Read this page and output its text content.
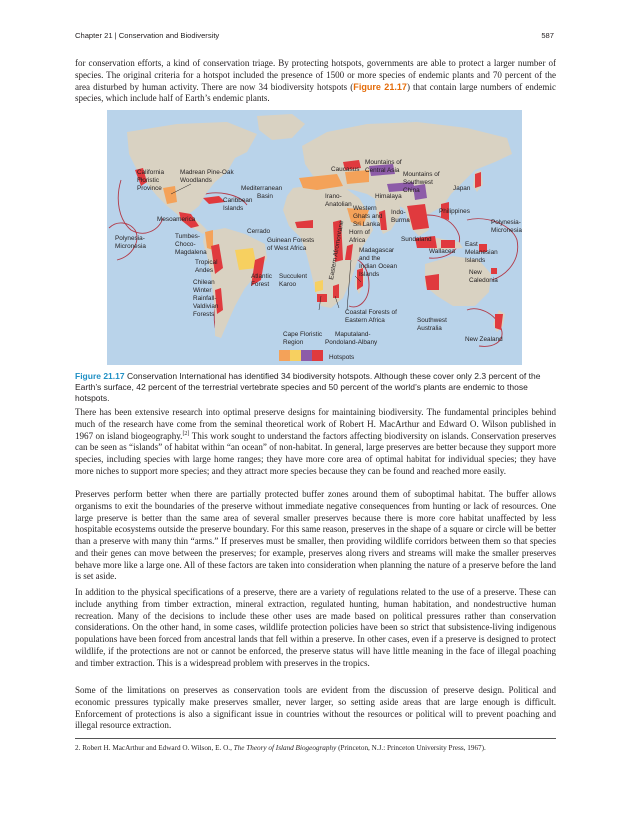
Chapter 21 | Conservation and Biodiversity	587

for conservation efforts, a kind of conservation triage. By protecting hotspots, governments are able to protect a larger number of species. The original criteria for a hotspot included the presence of 1500 or more species of endemic plants and 70 percent of the area disturbed by human activity. There are now 34 biodiversity hotspots (Figure 21.17) that contain large numbers of endemic species, which include half of Earth’s endemic plants.

California Floristic Province
Madrean Pine-Oak Woodlands
Caribbean Islands
Mesoamerica
Polynesia-Micronesia
Tumbes-Choco-Magdalena
Tropical Andes
Chilean Winter Rainfall-Valdivian Forests
Cerrado
Atlantic Forest
Mediterranean Basin
Guinean Forests of West Africa
Succulent Karoo
Cape Floristic Region
Maputaland-Pondoland-Albany
Caucasus
Irano-Anatolian
Mountains of Central Asia
Himalaya
Mountains of Southwest China	Japan
Western Ghats and Sri Lanka
Indo-Burma
Philippines
Horn of Africa
Eastern Afromontane Madagascar and the Indian Ocean Islands
Coastal Forests of Eastern Africa
Sundaland
Wallacea
Polynesia-Micronesia
East Melanesian Islands
New Caledonia
Southwest Australia
New Zealand
Hotspots

Figure 21.17 Conservation International has identified 34 biodiversity hotspots. Although these cover only 2.3 percent of the Earth’s surface, 42 percent of the terrestrial vertebrate species and 50 percent of the world’s plants are endemic to those hotspots.

There has been extensive research into optimal preserve designs for maintaining biodiversity. The fundamental principles behind much of the research have come from the seminal theoretical work of Robert H. MacArthur and Edward O. Wilson published in 1967 on island biogeography.[2] This work sought to understand the factors affecting biodiversity on islands. Conservation preserves can be seen as “islands” of habitat within “an ocean” of non-habitat. In general, large preserves are better because they support more species, including species with large home ranges; they have more core area of optimal habitat for individual species; they have more niches to support more species; and they attract more species because they can be found and reached more easily.

Preserves perform better when there are partially protected buffer zones around them of suboptimal habitat. The buffer allows organisms to exit the boundaries of the preserve without immediate negative consequences from hunting or lack of resources. One large preserve is better than the same area of several smaller preserves because there is more core habitat unaffected by less hospitable ecosystems outside the preserve boundary. For this same reason, preserves in the shape of a square or circle will be better than a preserve with many thin “arms.” If preserves must be smaller, then providing wildlife corridors between them so that species and their genes can move between the preserves; for example, preserves along rivers and streams will make the smaller preserves behave more like a large one. All of these factors are taken into consideration when planning the nature of a preserve before the land is set aside.

In addition to the physical specifications of a preserve, there are a variety of regulations related to the use of a preserve. These can include anything from timber extraction, mineral extraction, regulated hunting, human habitation, and nondestructive human recreation. Many of the decisions to include these other uses are made based on political pressures rather than conservation considerations. On the other hand, in some cases, wildlife protection policies have been so strict that subsistence-living indigenous populations have been forced from ancestral lands that fell within a preserve. In other cases, even if a preserve is designed to protect wildlife, if the protections are not or cannot be enforced, the preserve status will have little meaning in the face of illegal poaching and timber extraction. This is a widespread problem with preserves in the tropics.

Some of the limitations on preserves as conservation tools are evident from the discussion of preserve design. Political and economic pressures typically make preserves smaller, never larger, so setting aside areas that are large enough is difficult. Enforcement of protections is also a significant issue in countries without the resources or political will to prevent poaching and illegal resource extraction.

2. Robert H. MacArthur and Edward O. Wilson, E. O., The Theory of Island Biogeography (Princeton, N.J.: Princeton University Press, 1967).
